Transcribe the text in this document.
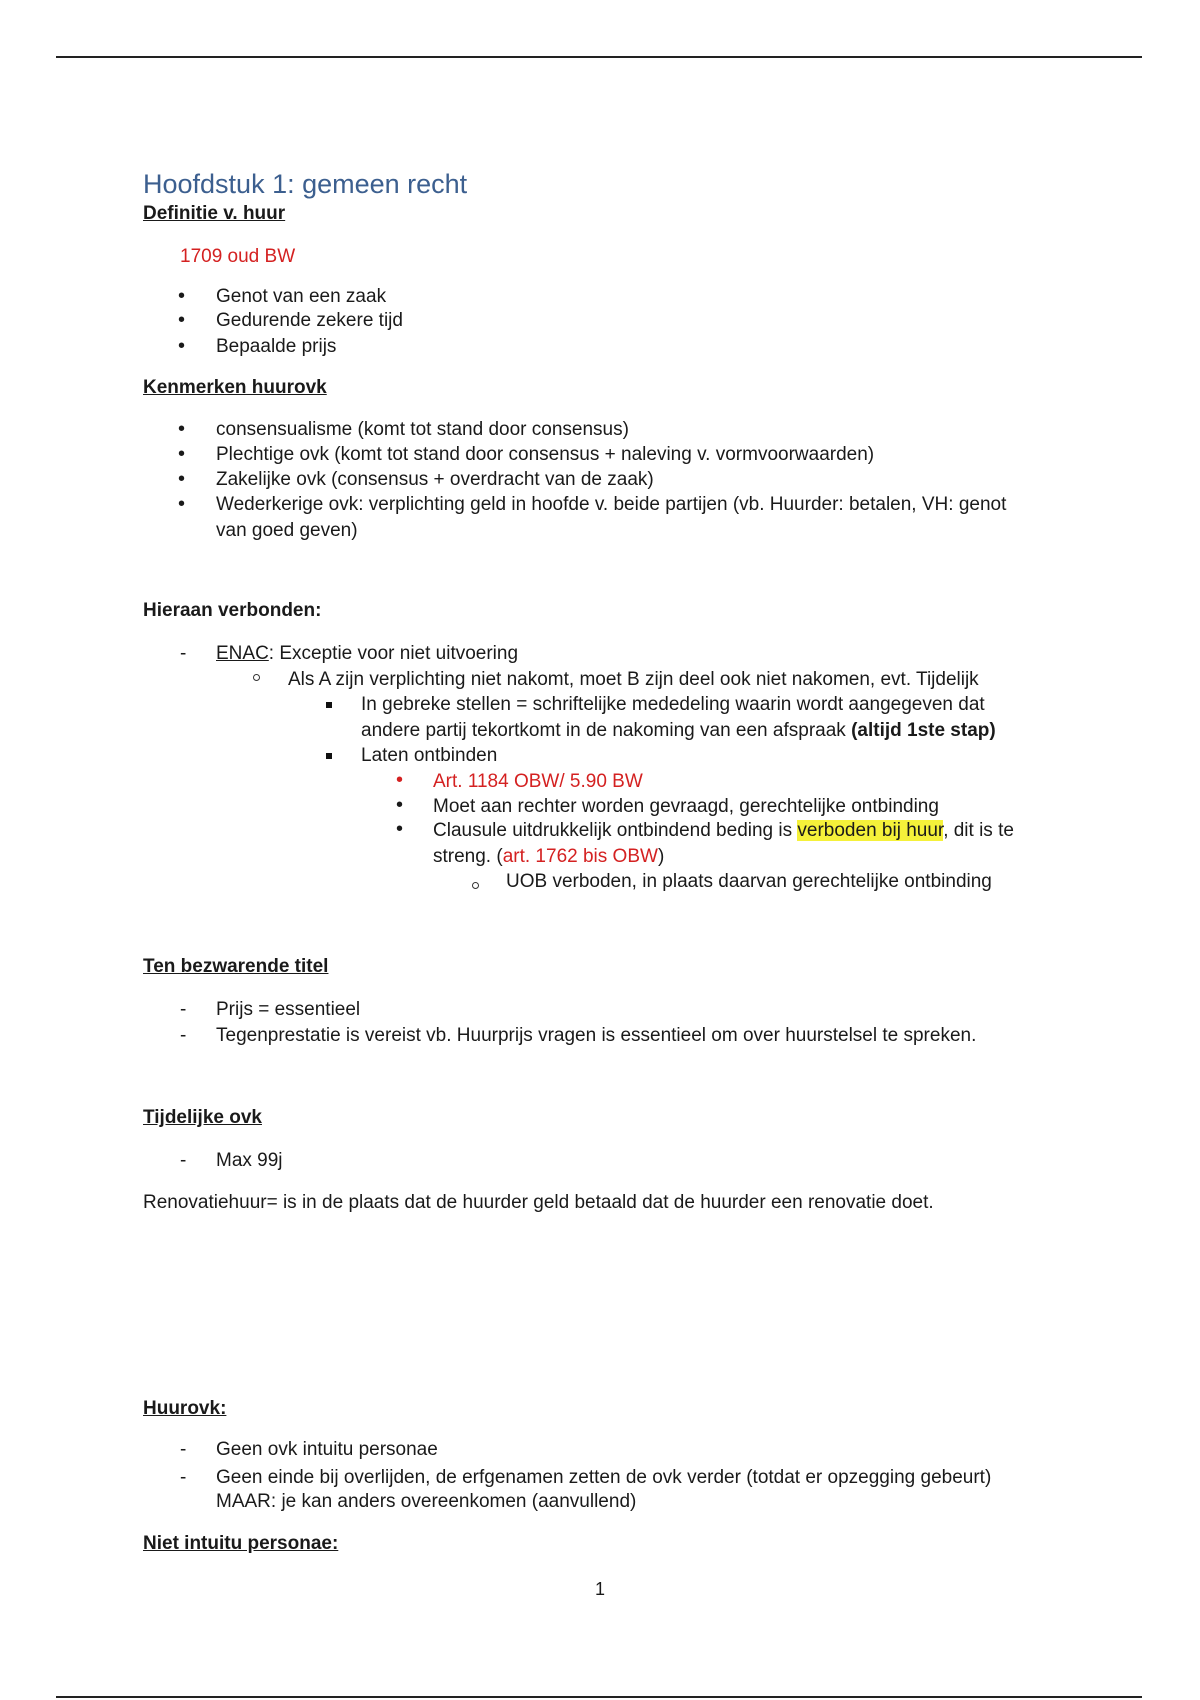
Hoofdstuk 1: gemeen recht
Definitie v. huur
1709 oud BW
• Genot van een zaak
• Gedurende zekere tijd
• Bepaalde prijs
Kenmerken huurovk
• consensualisme (komt tot stand door consensus)
• Plechtige ovk (komt tot stand door consensus + naleving v. vormvoorwaarden)
• Zakelijke ovk (consensus + overdracht van de zaak)
• Wederkerige ovk: verplichting geld in hoofde v. beide partijen (vb. Huurder: betalen, VH: genot
van goed geven)
Hieraan verbonden:
- ENAC: Exceptie voor niet uitvoering
Als A zijn verplichting niet nakomt, moet B zijn deel ook niet nakomen, evt. Tijdelijk
In gebreke stellen = schriftelijke mededeling waarin wordt aangegeven dat
andere partij tekortkomt in de nakoming van een afspraak (altijd 1ste stap)
Laten ontbinden
• Art. 1184 OBW/ 5.90 BW
• Moet aan rechter worden gevraagd, gerechtelijke ontbinding
• Clausule uitdrukkelijk ontbindend beding is verboden bij huur, dit is te
streng. (art. 1762 bis OBW)
UOB verboden, in plaats daarvan gerechtelijke ontbinding
Ten bezwarende titel
- Prijs = essentieel
- Tegenprestatie is vereist vb. Huurprijs vragen is essentieel om over huurstelsel te spreken.
Tijdelijke ovk
- Max 99j
Renovatiehuur= is in de plaats dat de huurder geld betaald dat de huurder een renovatie doet.
Huurovk:
- Geen ovk intuitu personae
- Geen einde bij overlijden, de erfgenamen zetten de ovk verder (totdat er opzegging gebeurt)
MAAR: je kan anders overeenkomen (aanvullend)
Niet intuitu personae:
1
